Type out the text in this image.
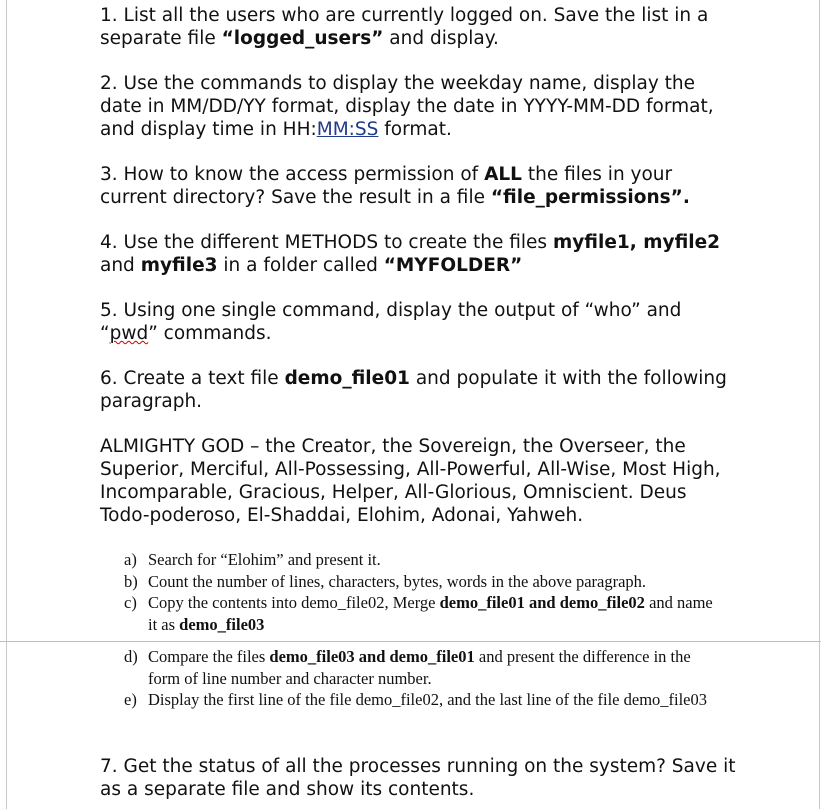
1. List all the users who are currently logged on. Save the list in a separate file “logged_users” and display.

2. Use the commands to display the weekday name, display the date in MM/DD/YY format, display the date in YYYY-MM-DD format, and display time in HH:MM:SS format.

3. How to know the access permission of ALL the files in your current directory? Save the result in a file “file_permissions”.

4. Use the different METHODS to create the files myfile1, myfile2 and myfile3 in a folder called “MYFOLDER”

5. Using one single command, display the output of “who” and “pwd” commands.

6. Create a text file demo_file01 and populate it with the following paragraph.

ALMIGHTY GOD – the Creator, the Sovereign, the Overseer, the Superior, Merciful, All-Possessing, All-Powerful, All-Wise, Most High, Incomparable, Gracious, Helper, All-Glorious, Omniscient. Deus Todo-poderoso, El-Shaddai, Elohim, Adonai, Yahweh.

a) Search for “Elohim” and present it.
b) Count the number of lines, characters, bytes, words in the above paragraph.
c) Copy the contents into demo_file02, Merge demo_file01 and demo_file02 and name it as demo_file03
d) Compare the files demo_file03 and demo_file01 and present the difference in the form of line number and character number.
e) Display the first line of the file demo_file02, and the last line of the file demo_file03

7. Get the status of all the processes running on the system? Save it as a separate file and show its contents.
